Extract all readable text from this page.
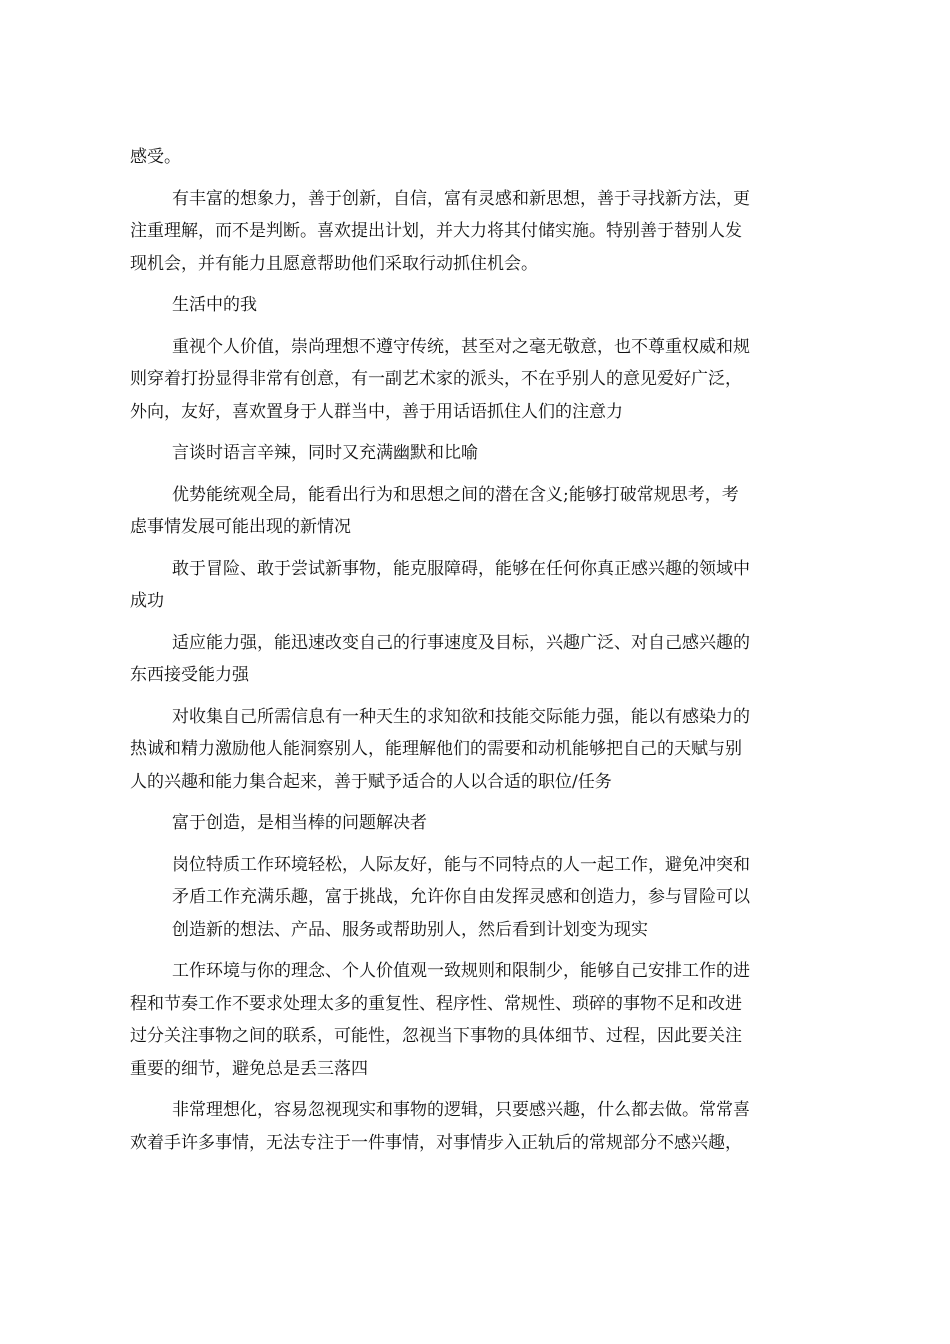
感受。
有丰富的想象力，善于创新，自信，富有灵感和新思想，善于寻找新方法，更
注重理解，而不是判断。喜欢提出计划，并大力将其付储实施。特别善于替别人发
现机会，并有能力且愿意帮助他们采取行动抓住机会。
生活中的我
重视个人价值，崇尚理想不遵守传统，甚至对之毫无敬意，也不尊重权威和规
则穿着打扮显得非常有创意，有一副艺术家的派头，不在乎别人的意见爱好广泛，
外向，友好，喜欢置身于人群当中，善于用话语抓住人们的注意力
言谈时语言辛辣，同时又充满幽默和比喻
优势能统观全局，能看出行为和思想之间的潜在含义;能够打破常规思考，考
虑事情发展可能出现的新情况
敢于冒险、敢于尝试新事物，能克服障碍，能够在任何你真正感兴趣的领域中
成功
适应能力强，能迅速改变自己的行事速度及目标，兴趣广泛、对自己感兴趣的
东西接受能力强
对收集自己所需信息有一种天生的求知欲和技能交际能力强，能以有感染力的
热诚和精力激励他人能洞察别人，能理解他们的需要和动机能够把自己的天赋与别
人的兴趣和能力集合起来，善于赋予适合的人以合适的职位/任务
富于创造，是相当棒的问题解决者
岗位特质工作环境轻松，人际友好，能与不同特点的人一起工作，避免冲突和
矛盾工作充满乐趣，富于挑战，允许你自由发挥灵感和创造力，参与冒险可以
创造新的想法、产品、服务或帮助别人，然后看到计划变为现实
工作环境与你的理念、个人价值观一致规则和限制少，能够自己安排工作的进
程和节奏工作不要求处理太多的重复性、程序性、常规性、琐碎的事物不足和改进
过分关注事物之间的联系，可能性，忽视当下事物的具体细节、过程，因此要关注
重要的细节，避免总是丢三落四
非常理想化，容易忽视现实和事物的逻辑，只要感兴趣，什么都去做。常常喜
欢着手许多事情，无法专注于一件事情，对事情步入正轨后的常规部分不感兴趣，
